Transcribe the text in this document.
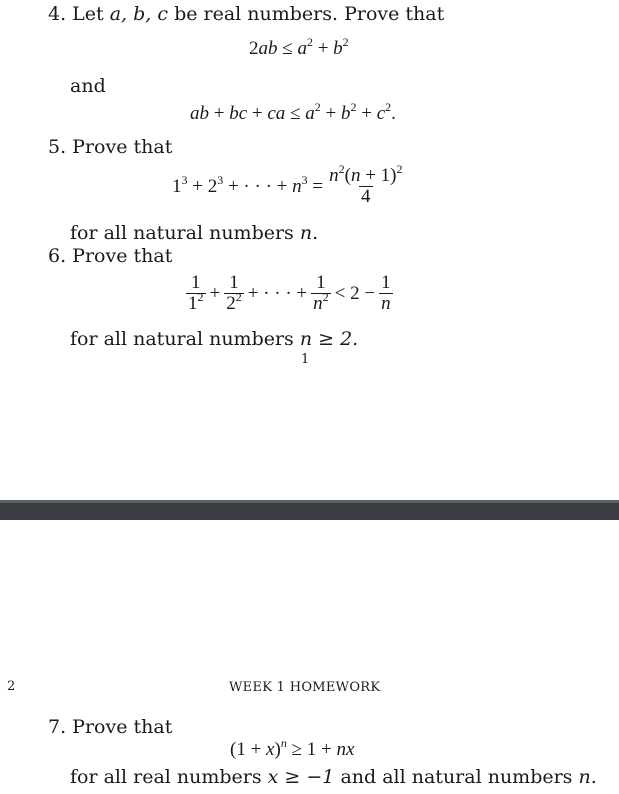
4. Let a, b, c be real numbers. Prove that
$2ab \le a^2 + b^2$
and
ab + bc + ca ≤ $a^2 + b^2 + c^2$.
5. Prove that
$1^3 + 2^3$ + · · · + $n^3 = \frac{n^2(n + 1)^2}{4}$
for all natural numbers n.
6. Prove that
$\frac{1}{1^2} + \frac{1}{2^2}$ + · · · + $\frac{1}{n^2} < 2 - \frac{1}{n}$
for all natural numbers n ≥ 2.
1
2	WEEK 1 HOMEWORK
7. Prove that
$(1 + x)^n \ge 1$ + nx
for all real numbers x ≥ −1 and all natural numbers n.
